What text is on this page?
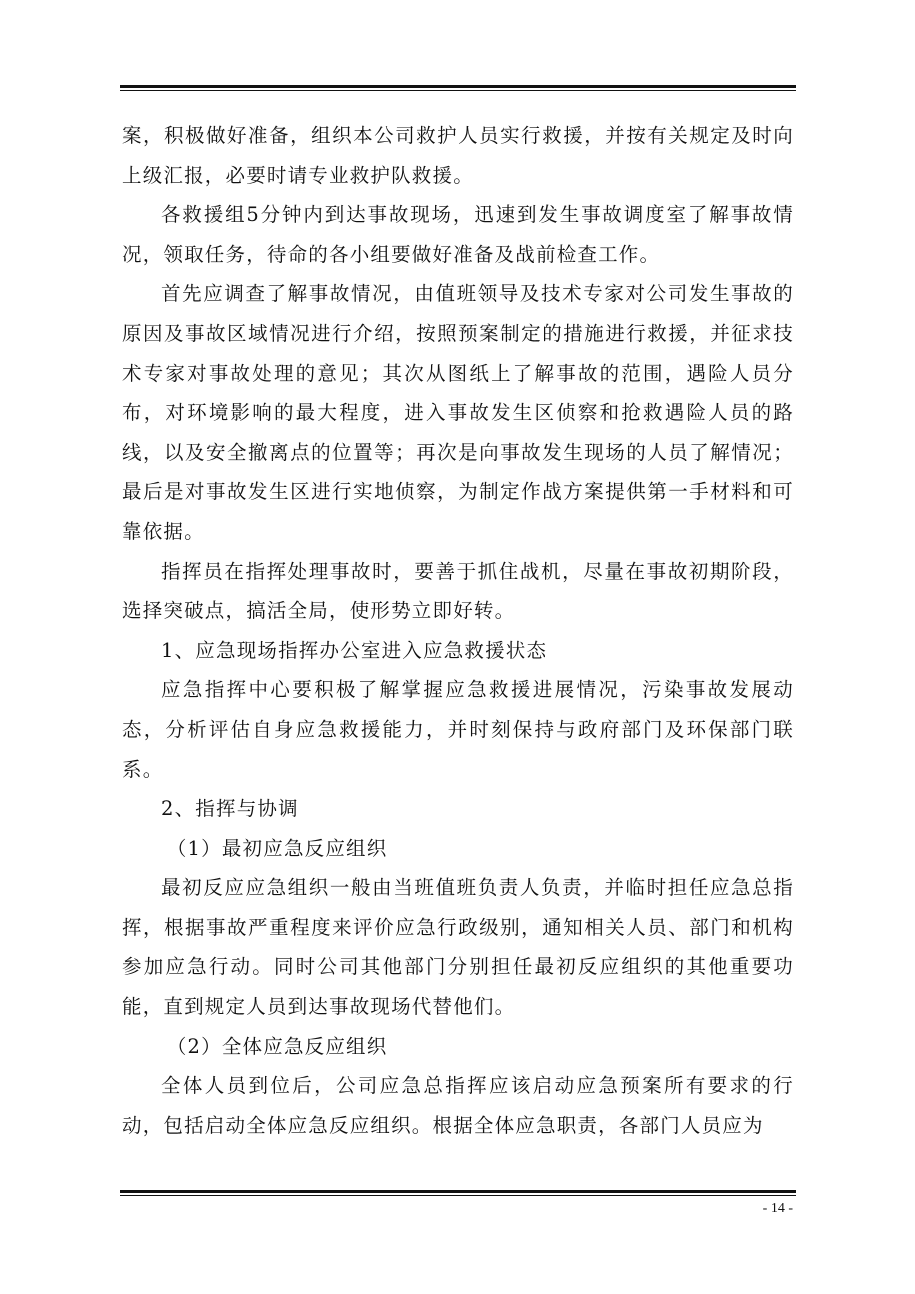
案，积极做好准备，组织本公司救护人员实行救援，并按有关规定及时向上级汇报，必要时请专业救护队救援。

各救援组5分钟内到达事故现场，迅速到发生事故调度室了解事故情况，领取任务，待命的各小组要做好准备及战前检查工作。

首先应调查了解事故情况，由值班领导及技术专家对公司发生事故的原因及事故区域情况进行介绍，按照预案制定的措施进行救援，并征求技术专家对事故处理的意见；其次从图纸上了解事故的范围，遇险人员分布，对环境影响的最大程度，进入事故发生区侦察和抢救遇险人员的路线，以及安全撤离点的位置等；再次是向事故发生现场的人员了解情况；最后是对事故发生区进行实地侦察，为制定作战方案提供第一手材料和可靠依据。

指挥员在指挥处理事故时，要善于抓住战机，尽量在事故初期阶段，选择突破点，搞活全局，使形势立即好转。

1、应急现场指挥办公室进入应急救援状态

应急指挥中心要积极了解掌握应急救援进展情况，污染事故发展动态，分析评估自身应急救援能力，并时刻保持与政府部门及环保部门联系。

2、指挥与协调

（1）最初应急反应组织

最初反应应急组织一般由当班值班负责人负责，并临时担任应急总指挥，根据事故严重程度来评价应急行政级别，通知相关人员、部门和机构参加应急行动。同时公司其他部门分别担任最初反应组织的其他重要功能，直到规定人员到达事故现场代替他们。

（2）全体应急反应组织

全体人员到位后，公司应急总指挥应该启动应急预案所有要求的行动，包括启动全体应急反应组织。根据全体应急职责，各部门人员应为

- 14 -
